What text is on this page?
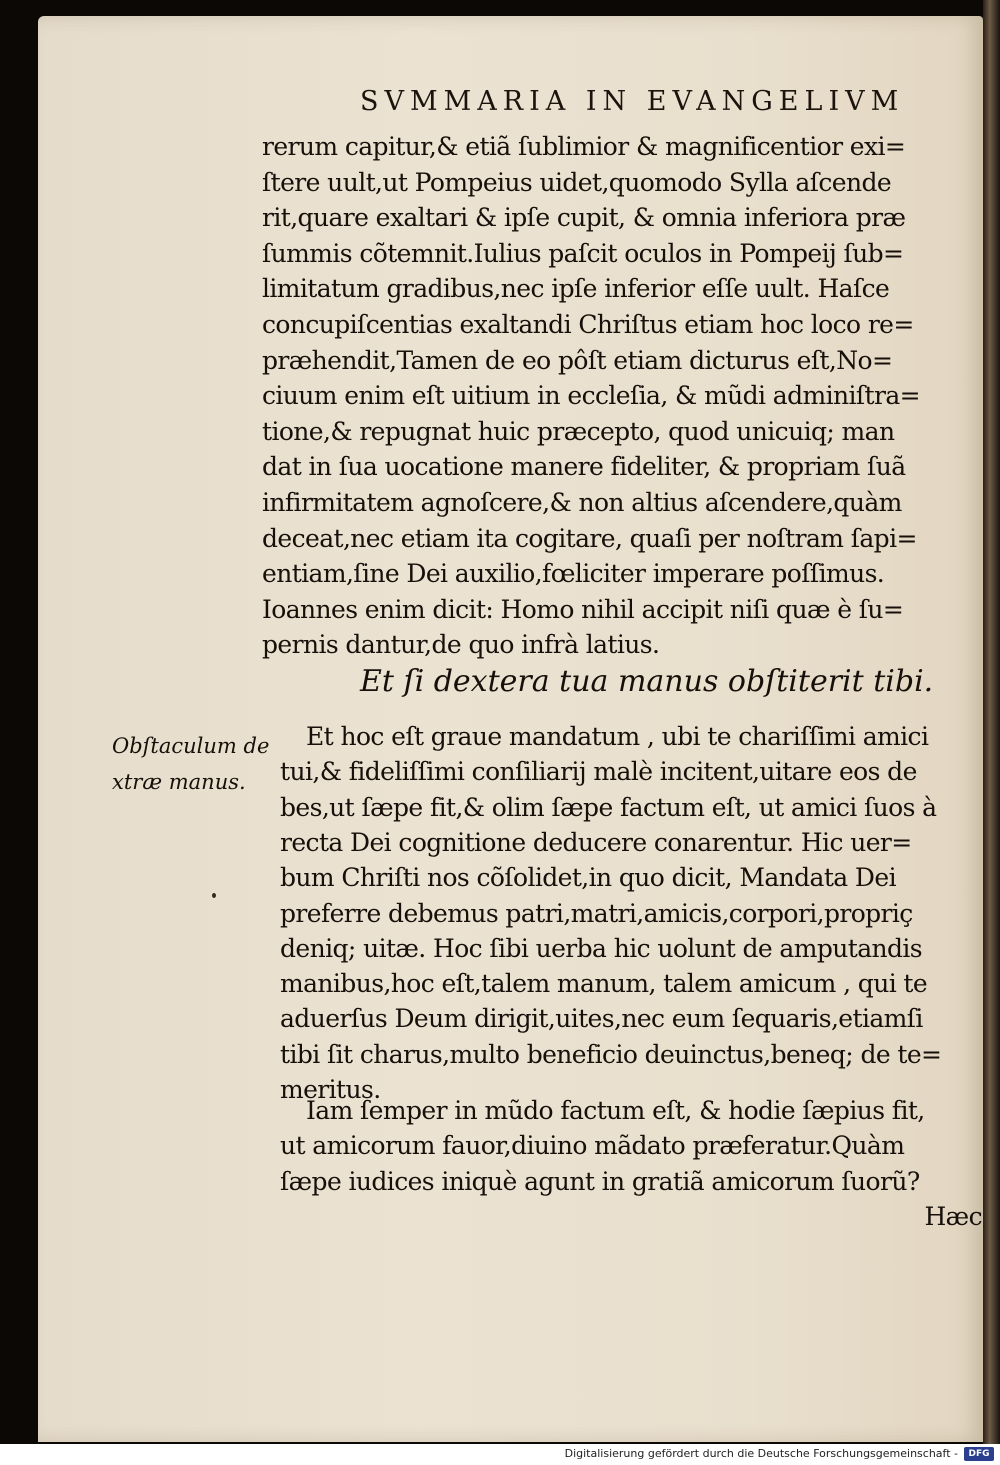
SVMMARIA IN EVANGELIVM
rerum capitur,& etiã ſublimior & magnificentior exi=
ſtere uult,ut Pompeius uidet,quomodo Sylla aſcende
rit,quare exaltari & ipſe cupit, & omnia inferiora præ
ſummis cõtemnit.Iulius paſcit oculos in Pompeij ſub=
limitatum gradibus,nec ipſe inferior eſſe uult. Haſce
concupiſcentias exaltandi Chriſtus etiam hoc loco re=
præhendit,Tamen de eo pôſt etiam dicturus eſt,No=
ciuum enim eſt uitium in eccleſia, & mũdi adminiſtra=
tione,& repugnat huic præcepto, quod unicuiq; man
dat in ſua uocatione manere fideliter, & propriam ſuã
infirmitatem agnoſcere,& non altius aſcendere,quàm
deceat,nec etiam ita cogitare, quaſi per noſtram ſapi=
entiam,ſine Dei auxilio,fœliciter imperare poſſimus.
Ioannes enim dicit: Homo nihil accipit niſi quæ è ſu=
pernis dantur,de quo infrà latius.
Et ſi dextera tua manus obſtiterit tibi.
Obſtaculum de
xtræ manus.
Et hoc eſt graue mandatum , ubi te chariſſimi amici
tui,& fideliſſimi conſiliarij malè incitent,uitare eos de
bes,ut ſæpe fit,& olim ſæpe factum eſt, ut amici ſuos à
recta Dei cognitione deducere conarentur. Hic uer=
bum Chriſti nos cõſolidet,in quo dicit, Mandata Dei
preferre debemus patri,matri,amicis,corpori,propriç
deniq; uitæ. Hoc ſibi uerba hic uolunt de amputandis
manibus,hoc eſt,talem manum, talem amicum , qui te
aduerſus Deum dirigit,uites,nec eum ſequaris,etiamſi
tibi ſit charus,multo beneficio deuinctus,beneq; de te=
meritus.
Iam ſemper in mũdo factum eſt, & hodie ſæpius fit,
ut amicorum fauor,diuino mãdato præferatur.Quàm
ſæpe iudices iniquè agunt in gratiã amicorum ſuorũ?
Hæc
Digitalisierung gefördert durch die Deutsche Forschungsgemeinschaft -	DFG
